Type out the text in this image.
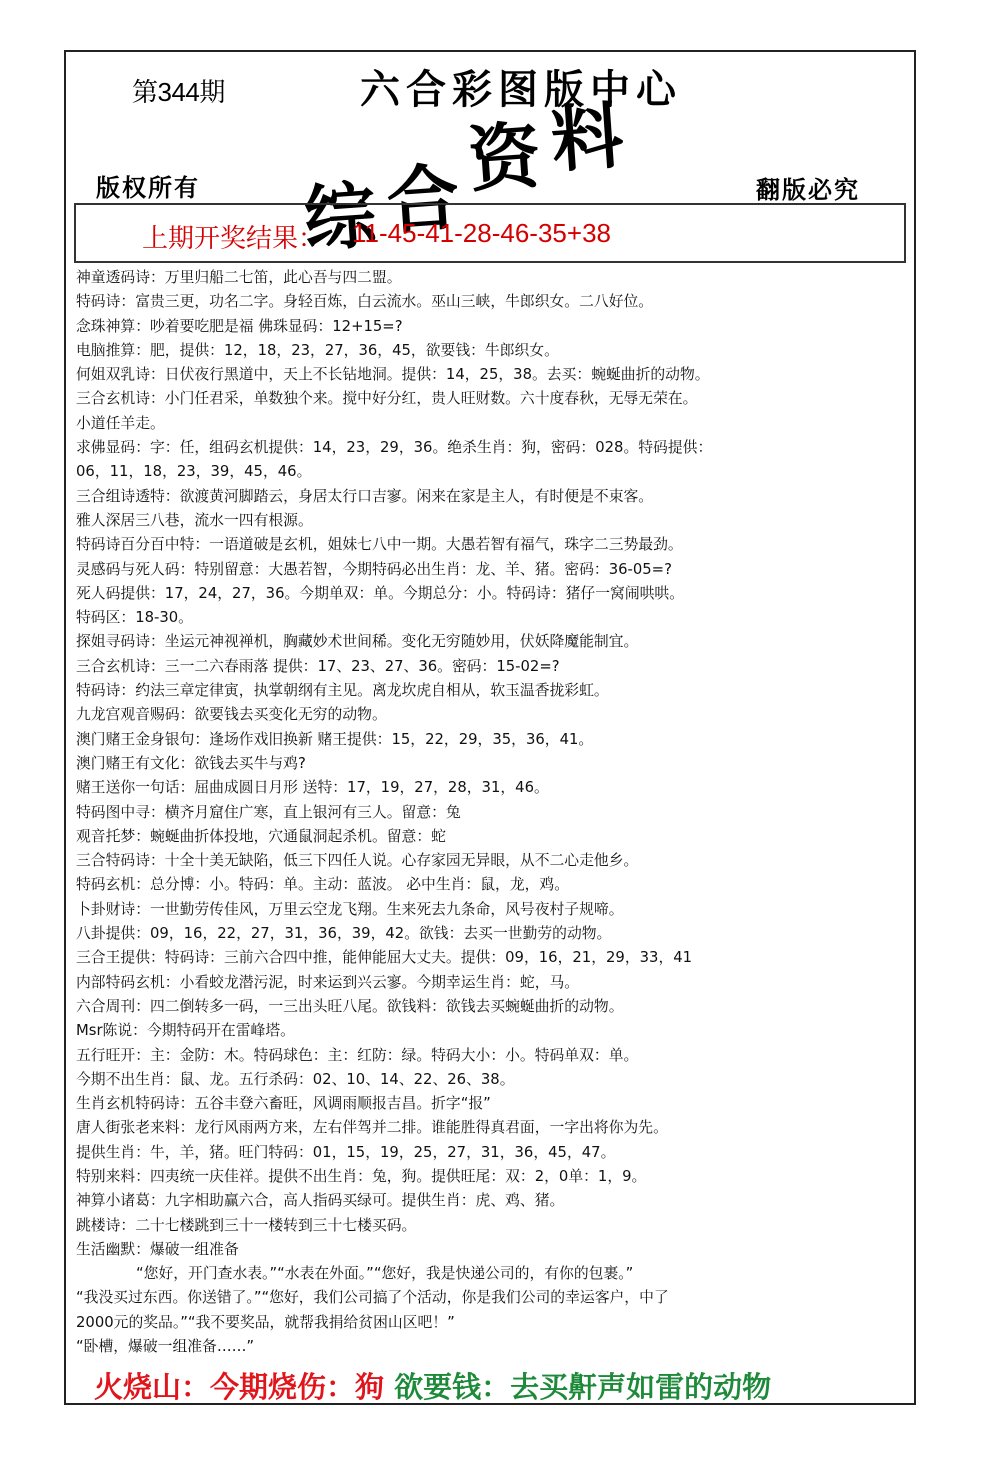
第344期	六合彩图版中心
综合资料
版权所有	翻版必究
上期开奖结果： 11-45-41-28-46-35+38
神童透码诗：万里归船二七笛，此心吾与四二盟。
特码诗：富贵三更，功名二字。身轻百炼，白云流水。巫山三峡，牛郎织女。二八好位。
念珠神算：吵着要吃肥是福 佛珠显码：12+15=?
电脑推算：肥，提供：12，18，23，27，36，45，欲要钱：牛郎织女。
何姐双乳诗：日伏夜行黑道中，天上不长钻地洞。提供：14，25，38。去买：蜿蜒曲折的动物。
三合玄机诗：小门任君采，单数独个来。搅中好分红，贵人旺财数。六十度春秋，无辱无荣在。
小道任羊走。
求佛显码：字：任，组码玄机提供：14，23，29，36。绝杀生肖：狗，密码：028。特码提供：
06，11，18，23，39，45，46。
三合组诗透特：欲渡黄河脚踏云，身居太行口吉寥。闲来在家是主人，有时便是不束客。
雅人深居三八巷，流水一四有根源。
特码诗百分百中特：一语道破是玄机，姐妹七八中一期。大愚若智有福气，珠字二三势最劲。
灵感码与死人码：特别留意：大愚若智，今期特码必出生肖：龙、羊、猪。密码：36-05=?
死人码提供：17，24，27，36。今期单双：单。今期总分：小。特码诗：猪仔一窝闹哄哄。
特码区：18-30。
探姐寻码诗：坐运元神视禅机，胸藏妙术世间稀。变化无穷随妙用，伏妖降魔能制宜。
三合玄机诗：三一二六春雨落 提供：17、23、27、36。密码：15-02=?
特码诗：约法三章定律寅，执掌朝纲有主见。离龙坎虎自相从，软玉温香拢彩虹。
九龙宫观音赐码：欲要钱去买变化无穷的动物。
澳门赌王金身银句：逢场作戏旧换新 赌王提供：15，22，29，35，36，41。
澳门赌王有文化：欲钱去买牛与鸡?
赌王送你一句话：屈曲成圆日月形 送特：17，19，27，28，31，46。
特码图中寻：横齐月窟住广寒，直上银河有三人。留意：兔
观音托梦：蜿蜒曲折体投地，穴通鼠洞起杀机。留意：蛇
三合特码诗：十全十美无缺陷，低三下四任人说。心存家园无异眼，从不二心走他乡。
特码玄机：总分博：小。特码：单。主动：蓝波。 必中生肖：鼠，龙，鸡。
卜卦财诗：一世勤劳传佳风，万里云空龙飞翔。生来死去九条命，风号夜村子规啼。
八卦提供：09，16，22，27，31，36，39，42。欲钱：去买一世勤劳的动物。
三合王提供：特码诗：三前六合四中推，能伸能屈大丈夫。提供：09，16，21，29，33，41
内部特码玄机：小看蛟龙潜污泥，时来运到兴云寥。今期幸运生肖：蛇，马。
六合周刊：四二倒转多一码，一三出头旺八尾。欲钱料：欲钱去买蜿蜒曲折的动物。
Msr陈说：今期特码开在雷峰塔。
五行旺开：主：金防：木。特码球色：主：红防：绿。特码大小：小。特码单双：单。
今期不出生肖：鼠、龙。五行杀码：02、10、14、22、26、38。
生肖玄机特码诗：五谷丰登六畜旺，风调雨顺报吉昌。折字“报”
唐人街张老来料：龙行风雨两方来，左右伴驾并二排。谁能胜得真君面，一字出将你为先。
提供生肖：牛，羊，猪。旺门特码：01，15，19，25，27，31，36，45，47。
特别来料：四夷统一庆佳祥。提供不出生肖：兔，狗。提供旺尾：双：2，0单：1，9。
神算小诸葛：九字相助赢六合，高人指码买绿可。提供生肖：虎、鸡、猪。
跳楼诗：二十七楼跳到三十一楼转到三十七楼买码。
生活幽默：爆破一组准备
“您好，开门查水表。”“水表在外面。”“您好，我是快递公司的，有你的包裹。”
“我没买过东西。你送错了。”“您好，我们公司搞了个活动，你是我们公司的幸运客户，中了
2000元的奖品。”“我不要奖品，就帮我捐给贫困山区吧！”
“卧槽，爆破一组准备……”
火烧山：今期烧伤：狗 欲要钱：去买鼾声如雷的动物
